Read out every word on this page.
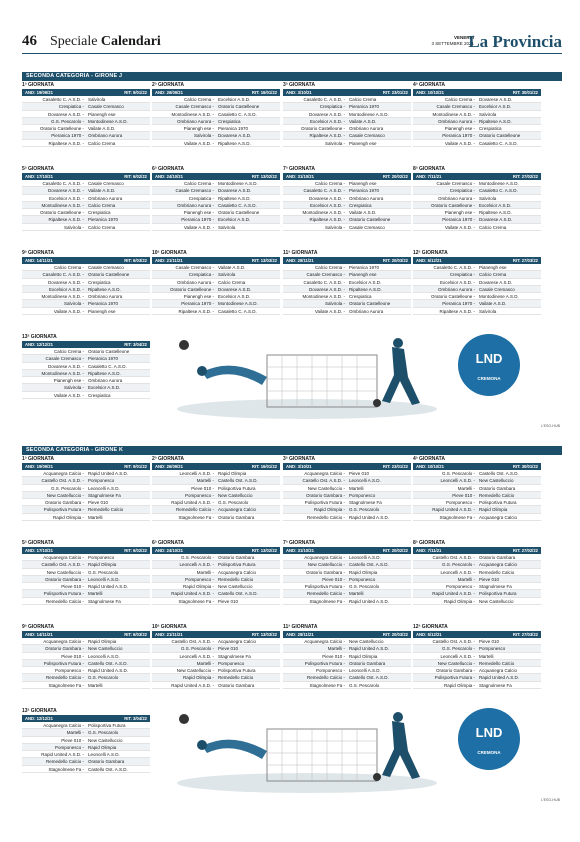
46 Speciale Calendari	VENERDÌ
3 SETTEMBRE 2021
La Provincia
SECONDA CATEGORIA - GIRONE J
1ª GIORNATA
AND: 19/09/21	RIT: 9/01/22
Casaletto C. A.S.D. -	Salvirola
Crespiatica -	Casale Cremasco
Dovarese A.S.D. -	Pianengh ese
G.S. Pescarolo -	Montodinese A.S.D.
Oratorio Castelleone -	Vailate A.S.D.
Pieranica 1970 -	Ombriano Aurora
Ripaltese A.S.D. -	Calcio Crema
2ª GIORNATA
AND: 26/09/21	RIT: 16/01/22
Calcio Crema -	Excelsior A.S.D.
Casale Cremasco -	Oratorio Castelleone
Montodinese A.S.D. -	Casaletto C. A.S.D.
Ombriano Aurora -	Crespiatica
Pianengh ese -	Pieranica 1970
Salvirola -	Dovarese A.S.D.
Vailate A.S.D. -	Ripaltese A.S.D.
3ª GIORNATA
AND: 3/10/21	RIT: 23/01/22
Casaletto C. A.S.D. -	Calcio Crema
Crespiatica -	Pieranica 1970
Dovarese A.S.D. -	Montodinese A.S.D.
Excelsior A.S.D. -	Vailate A.S.D.
Oratorio Castelleone -	Ombriano Aurora
Ripaltese A.S.D. -	Casale Cremasco
Salvirola -	Pianengh ese
4ª GIORNATA
AND: 10/10/21	RIT: 30/01/22
Calcio Crema -	Dovarese A.S.D.
Casale Cremasco -	Excelsior A.S.D.
Montodinese A.S.D. -	Salvirola
Ombriano Aurora -	Ripaltese A.S.D.
Pianengh ese -	Crespiatica
Pieranica 1970 -	Oratorio Castelleone
Vailate A.S.D. -	Casaletto C. A.S.D.
5ª GIORNATA
AND: 17/10/21	RIT: 6/02/22
Casaletto C. A.S.D. -	Casale Cremasco
Dovarese A.S.D. -	Vailate A.S.D.
Excelsior A.S.D. -	Ombriano Aurora
Montodinese A.S.D. -	Calcio Crema
Oratorio Castelleone -	Crespiatica
Ripaltese A.S.D. -	Pieranica 1970
Salvirola -	Calcio Crema
6ª GIORNATA
AND: 24/10/21	RIT: 13/02/22
Calcio Crema -	Montodinese A.S.D.
Casale Cremasco -	Dovarese A.S.D.
Crespiatica -	Ripaltese A.S.D.
Ombriano Aurora -	Casaletto C. A.S.D.
Pianengh ese -	Oratorio Castelleone
Pieranica 1970 -	Excelsior A.S.D.
Vailate A.S.D. -	Salvirola
7ª GIORNATA
AND: 31/10/21	RIT: 20/02/22
Calcio Crema -	Pianengh ese
Casaletto C. A.S.D. -	Pieranica 1970
Dovarese A.S.D. -	Ombriano Aurora
Excelsior A.S.D. -	Crespiatica
Montodinese A.S.D. -	Vailate A.S.D.
Ripaltese A.S.D. -	Oratorio Castelleone
Salvirola -	Casale Cremasco
8ª GIORNATA
AND: 7/11/21	RIT: 27/02/22
Casale Cremasco -	Montodinese A.S.D.
Crespiatica -	Casaletto C. A.S.D.
Ombriano Aurora -	Salvirola
Oratorio Castelleone -	Excelsior A.S.D.
Pianengh ese -	Ripaltese A.S.D.
Pieranica 1970 -	Dovarese A.S.D.
Vailate A.S.D. -	Calcio Crema
9ª GIORNATA
AND: 14/11/21	RIT: 6/03/22
Calcio Crema -	Casale Cremasco
Casaletto C. A.S.D. -	Oratorio Castelleone
Dovarese A.S.D. -	Crespiatica
Excelsior A.S.D. -	Ripaltese A.S.D.
Montodinese A.S.D. -	Ombriano Aurora
Salvirola -	Pieranica 1970
Vailate A.S.D. -	Pianengh ese
10ª GIORNATA
AND: 21/11/21	RIT: 13/03/22
Casale Cremasco -	Vailate A.S.D.
Crespiatica -	Salvirola
Ombriano Aurora -	Calcio Crema
Oratorio Castelleone -	Dovarese A.S.D.
Pianengh ese -	Excelsior A.S.D.
Pieranica 1970 -	Montodinese A.S.D.
Ripaltese A.S.D. -	Casaletto C. A.S.D.
11ª GIORNATA
AND: 28/11/21	RIT: 20/03/22
Calcio Crema -	Pieranica 1970
Casale Cremasco -	Pianengh ese
Casaletto C. A.S.D. -	Excelsior A.S.D.
Dovarese A.S.D. -	Ripaltese A.S.D.
Montodinese A.S.D. -	Crespiatica
Salvirola -	Oratorio Castelleone
Vailate A.S.D. -	Ombriano Aurora
12ª GIORNATA
AND: 5/12/21	RIT: 27/03/22
Casaletto C. A.S.D. -	Pianengh ese
Crespiatica -	Calcio Crema
Excelsior A.S.D. -	Dovarese A.S.D.
Ombriano Aurora -	Casale Cremasco
Oratorio Castelleone -	Montodinese A.S.D.
Pieranica 1970 -	Vailate A.S.D.
Ripaltese A.S.D. -	Salvirola
13ª GIORNATA
AND: 12/12/21	RIT: 3/04/22
Calcio Crema -	Oratorio Castelleone
Casale Cremasco -	Pieranica 1970
Dovarese A.S.D. -	Casaletto C. A.S.D.
Montodinese A.S.D. -	Ripaltese A.S.D.
Pianengh ese -	Ombriano Aurora
Salvirola -	Excelsior A.S.D.
Vailate A.S.D. -	Crespiatica
LND
CREMONA
L'ESO-HUB
SECONDA CATEGORIA - GIRONE K
1ª GIORNATA
AND: 19/09/21	RIT: 9/01/22
Acquanegra Calcio -	Rapid United A.S.D.
Castello Ost. A.S.D. -	Pomponesco
G.S. Pescarolo -	Leoncelli A.S.D.
New Castelluccio -	Stagnolmese Fa
Oratorio Gambara -	Pieve 010
Polisportiva Futura -	Remedello Calcio
Rapid Olimpia -	Martelli
2ª GIORNATA
AND: 26/09/21	RIT: 16/01/22
Leoncelli A.S.D. -	Rapid Olimpia
Martelli -	Castello Ost. A.S.D.
Pieve 010 -	Polisportiva Futura
Pomponesco -	New Castelluccio
Rapid United A.S.D. -	G.S. Pescarolo
Remedello Calcio -	Acquanegra Calcio
Stagnolmese Fa -	Oratorio Gambara
3ª GIORNATA
AND: 3/10/21	RIT: 23/01/22
Acquanegra Calcio -	Pieve 010
Castello Ost. A.S.D. -	Leoncelli A.S.D.
New Castelluccio -	Martelli
Oratorio Gambara -	Pomponesco
Polisportiva Futura -	Stagnolmese Fa
Rapid Olimpia -	G.S. Pescarolo
Remedello Calcio -	Rapid United A.S.D.
4ª GIORNATA
AND: 10/10/21	RIT: 30/01/22
G.S. Pescarolo -	Castello Ost. A.S.D.
Leoncelli A.S.D. -	New Castelluccio
Martelli -	Oratorio Gambara
Pieve 010 -	Remedello Calcio
Pomponesco -	Polisportiva Futura
Rapid United A.S.D. -	Rapid Olimpia
Stagnolmese Fa -	Acquanegra Calcio
5ª GIORNATA
AND: 17/10/21	RIT: 6/02/22
Acquanegra Calcio -	Pomponesco
Castello Ost. A.S.D. -	Rapid Olimpia
New Castelluccio -	G.S. Pescarolo
Oratorio Gambara -	Leoncelli A.S.D.
Pieve 010 -	Rapid United A.S.D.
Polisportiva Futura -	Martelli
Remedello Calcio -	Stagnolmese Fa
6ª GIORNATA
AND: 24/10/21	RIT: 13/02/22
G.S. Pescarolo -	Oratorio Gambara
Leoncelli A.S.D. -	Polisportiva Futura
Martelli -	Acquanegra Calcio
Pomponesco -	Remedello Calcio
Rapid Olimpia -	New Castelluccio
Rapid United A.S.D. -	Castello Ost. A.S.D.
Stagnolmese Fa -	Pieve 010
7ª GIORNATA
AND: 31/10/21	RIT: 20/02/22
Acquanegra Calcio -	Leoncelli A.S.D.
New Castelluccio -	Castello Ost. A.S.D.
Oratorio Gambara -	Rapid Olimpia
Pieve 010 -	Pomponesco
Polisportiva Futura -	G.S. Pescarolo
Remedello Calcio -	Martelli
Stagnolmese Fa -	Rapid United A.S.D.
8ª GIORNATA
AND: 7/11/21	RIT: 27/02/22
Castello Ost. A.S.D. -	Oratorio Gambara
G.S. Pescarolo -	Acquanegra Calcio
Leoncelli A.S.D. -	Remedello Calcio
Martelli -	Pieve 010
Pomponesco -	Stagnolmese Fa
Rapid United A.S.D. -	Polisportiva Futura
Rapid Olimpia -	New Castelluccio
9ª GIORNATA
AND: 14/11/21	RIT: 6/03/22
Acquanegra Calcio -	Rapid Olimpia
Oratorio Gambara -	New Castelluccio
Pieve 010 -	Leoncelli A.S.D.
Polisportiva Futura -	Castello Ost. A.S.D.
Pomponesco -	Rapid United A.S.D.
Remedello Calcio -	G.S. Pescarolo
Stagnolmese Fa -	Martelli
10ª GIORNATA
AND: 21/11/21	RIT: 13/03/22
Castello Ost. A.S.D. -	Acquanegra Calcio
G.S. Pescarolo -	Pieve 010
Leoncelli A.S.D. -	Stagnolmese Fa
Martelli -	Pomponesco
New Castelluccio -	Polisportiva Futura
Rapid Olimpia -	Remedello Calcio
Rapid United A.S.D. -	Oratorio Gambara
11ª GIORNATA
AND: 28/11/21	RIT: 20/03/22
Acquanegra Calcio -	New Castelluccio
Martelli -	Rapid United A.S.D.
Pieve 010 -	Rapid Olimpia
Polisportiva Futura -	Oratorio Gambara
Pomponesco -	Leoncelli A.S.D.
Remedello Calcio -	Castello Ost. A.S.D.
Stagnolmese Fa -	G.S. Pescarolo
12ª GIORNATA
AND: 5/12/21	RIT: 27/03/22
Castello Ost. A.S.D. -	Pieve 010
G.S. Pescarolo -	Pomponesco
Leoncelli A.S.D. -	Martelli
New Castelluccio -	Remedello Calcio
Oratorio Gambara -	Acquanegra Calcio
Polisportiva Futura -	Rapid United A.S.D.
Rapid Olimpia -	Stagnolmese Fa
13ª GIORNATA
AND: 12/12/21	RIT: 3/04/22
Acquanegra Calcio -	Polisportiva Futura
Martelli -	G.S. Pescarolo
Pieve 010 -	New Castelluccio
Pomponesco -	Rapid Olimpia
Rapid United A.S.D. -	Leoncelli A.S.D.
Remedello Calcio -	Oratorio Gambara
Stagnolmese Fa -	Castello Ost. A.S.D.
LND
CREMONA
L'ESO-HUB
